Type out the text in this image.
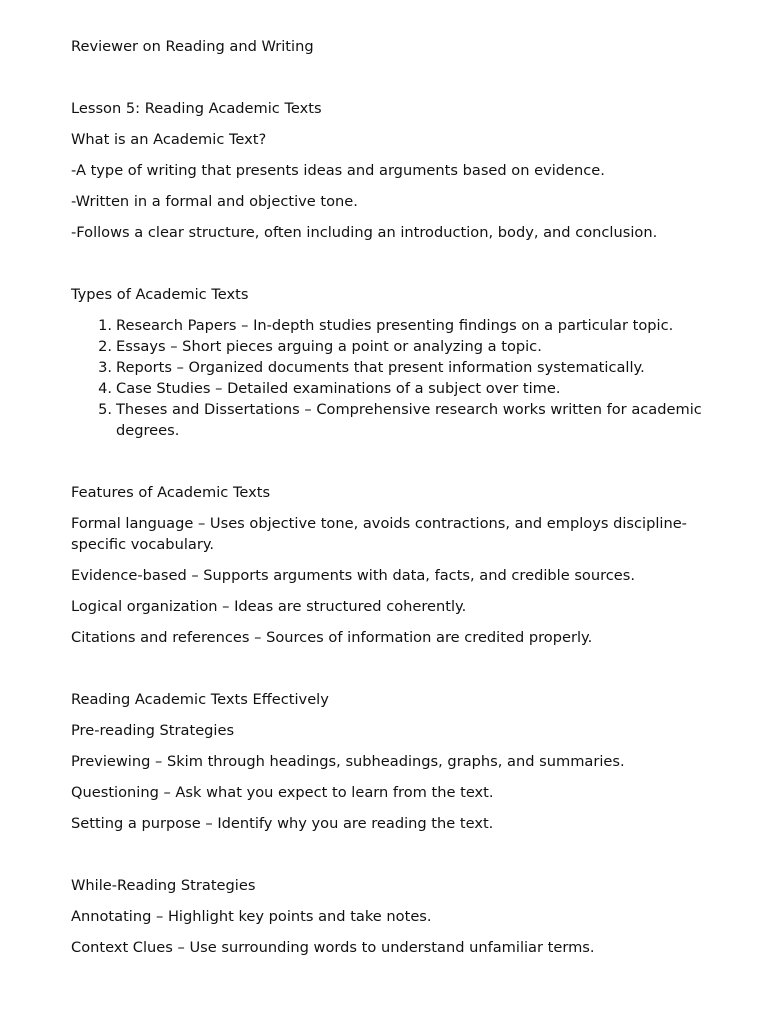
Reviewer on Reading and Writing

Lesson 5: Reading Academic Texts

What is an Academic Text?

-A type of writing that presents ideas and arguments based on evidence.

-Written in a formal and objective tone.

-Follows a clear structure, often including an introduction, body, and conclusion.

Types of Academic Texts

1. Research Papers – In-depth studies presenting findings on a particular topic.
2. Essays – Short pieces arguing a point or analyzing a topic.
3. Reports – Organized documents that present information systematically.
4. Case Studies – Detailed examinations of a subject over time.
5. Theses and Dissertations – Comprehensive research works written for academic degrees.

Features of Academic Texts

Formal language – Uses objective tone, avoids contractions, and employs discipline-specific vocabulary.

Evidence-based – Supports arguments with data, facts, and credible sources.

Logical organization – Ideas are structured coherently.

Citations and references – Sources of information are credited properly.

Reading Academic Texts Effectively

Pre-reading Strategies

Previewing – Skim through headings, subheadings, graphs, and summaries.

Questioning – Ask what you expect to learn from the text.

Setting a purpose – Identify why you are reading the text.

While-Reading Strategies

Annotating – Highlight key points and take notes.

Context Clues – Use surrounding words to understand unfamiliar terms.
